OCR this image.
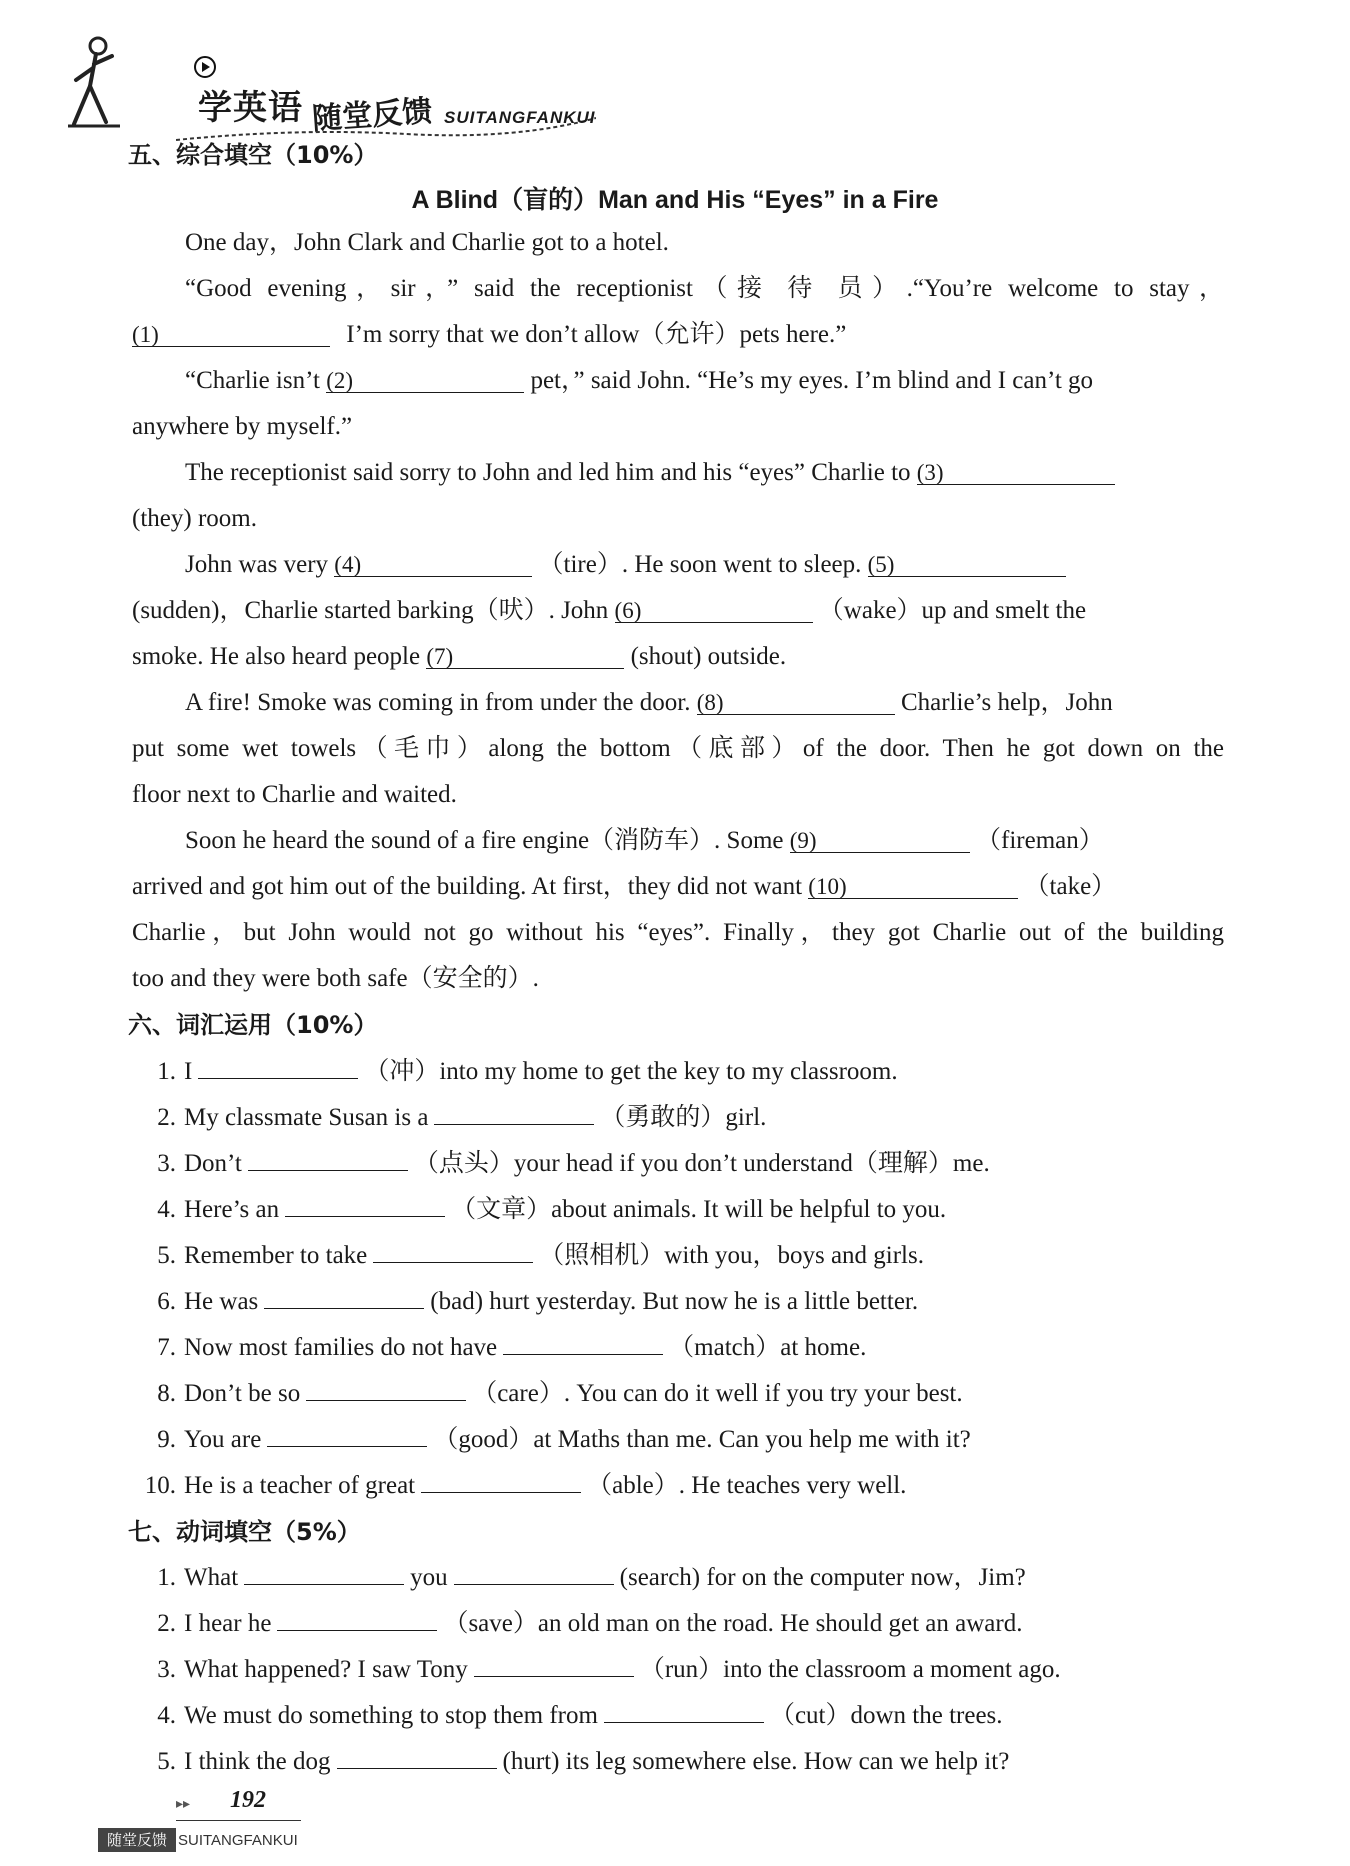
学英语 随堂反馈 SUITANGFANKUI
五、综合填空（10%）
A Blind（盲的）Man and His “Eyes” in a Fire
One day，John Clark and Charlie got to a hotel.
“Good evening，sir，” said the receptionist（接 待 员）.“You’re welcome to stay，
(1)	I’m sorry that we don’t allow（允许）pets here.”
“Charlie isn’t (2)	pet，” said John. “He’s my eyes. I’m blind and I can’t go
anywhere by myself.”
The receptionist said sorry to John and led him and his “eyes” Charlie to (3)
(they) room.
John was very (4)	（tire）. He soon went to sleep. (5)
(sudden)，Charlie started barking（吠）. John (6)	（wake）up and smelt the
smoke. He also heard people (7)	(shout) outside.
A fire! Smoke was coming in from under the door. (8)	Charlie’s help，John
put some wet towels（毛巾）along the bottom（底部）of the door. Then he got down on the
floor next to Charlie and waited.
Soon he heard the sound of a fire engine（消防车）. Some (9)	（fireman）
arrived and got him out of the building. At first，they did not want (10)	（take）
Charlie，but John would not go without his “eyes”. Finally，they got Charlie out of the building
too and they were both safe（安全的）.
六、词汇运用（10%）
1. I	（冲）into my home to get the key to my classroom.
2. My classmate Susan is a	（勇敢的）girl.
3. Don’t	（点头）your head if you don’t understand（理解）me.
4. Here’s an	（文章）about animals. It will be helpful to you.
5. Remember to take	（照相机）with you，boys and girls.
6. He was	(bad) hurt yesterday. But now he is a little better.
7. Now most families do not have	（match）at home.
8. Don’t be so	（care）. You can do it well if you try your best.
9. You are	（good）at Maths than me. Can you help me with it?
10. He is a teacher of great	（able）. He teaches very well.
七、动词填空（5%）
1. What	you	(search) for on the computer now，Jim?
2. I hear he	（save）an old man on the road. He should get an award.
3. What happened? I saw Tony	（run）into the classroom a moment ago.
4. We must do something to stop them from	（cut）down the trees.
5. I think the dog	(hurt) its leg somewhere else. How can we help it?
▸▸ 192
随堂反馈 SUITANGFANKUI
